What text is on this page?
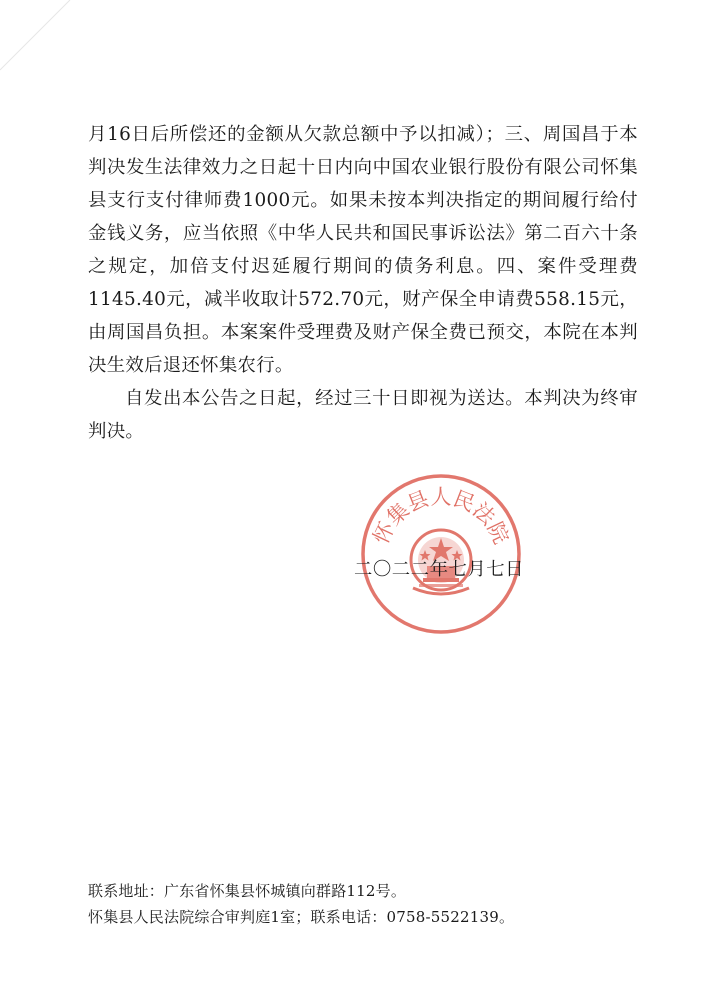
月16日后所偿还的金额从欠款总额中予以扣减）；三、周国昌于本判决发生法律效力之日起十日内向中国农业银行股份有限公司怀集县支行支付律师费1000元。如果未按本判决指定的期间履行给付金钱义务，应当依照《中华人民共和国民事诉讼法》第二百六十条之规定，加倍支付迟延履行期间的债务利息。四、案件受理费1145.40元，减半收取计572.70元，财产保全申请费558.15元，由周国昌负担。本案案件受理费及财产保全费已预交，本院在本判决生效后退还怀集农行。

自发出本公告之日起，经过三十日即视为送达。本判决为终审判决。

怀集县人民法院
二〇二二年七月七日
联系地址：广东省怀集县怀城镇向群路112号。
怀集县人民法院综合审判庭1室；联系电话：0758-5522139。
